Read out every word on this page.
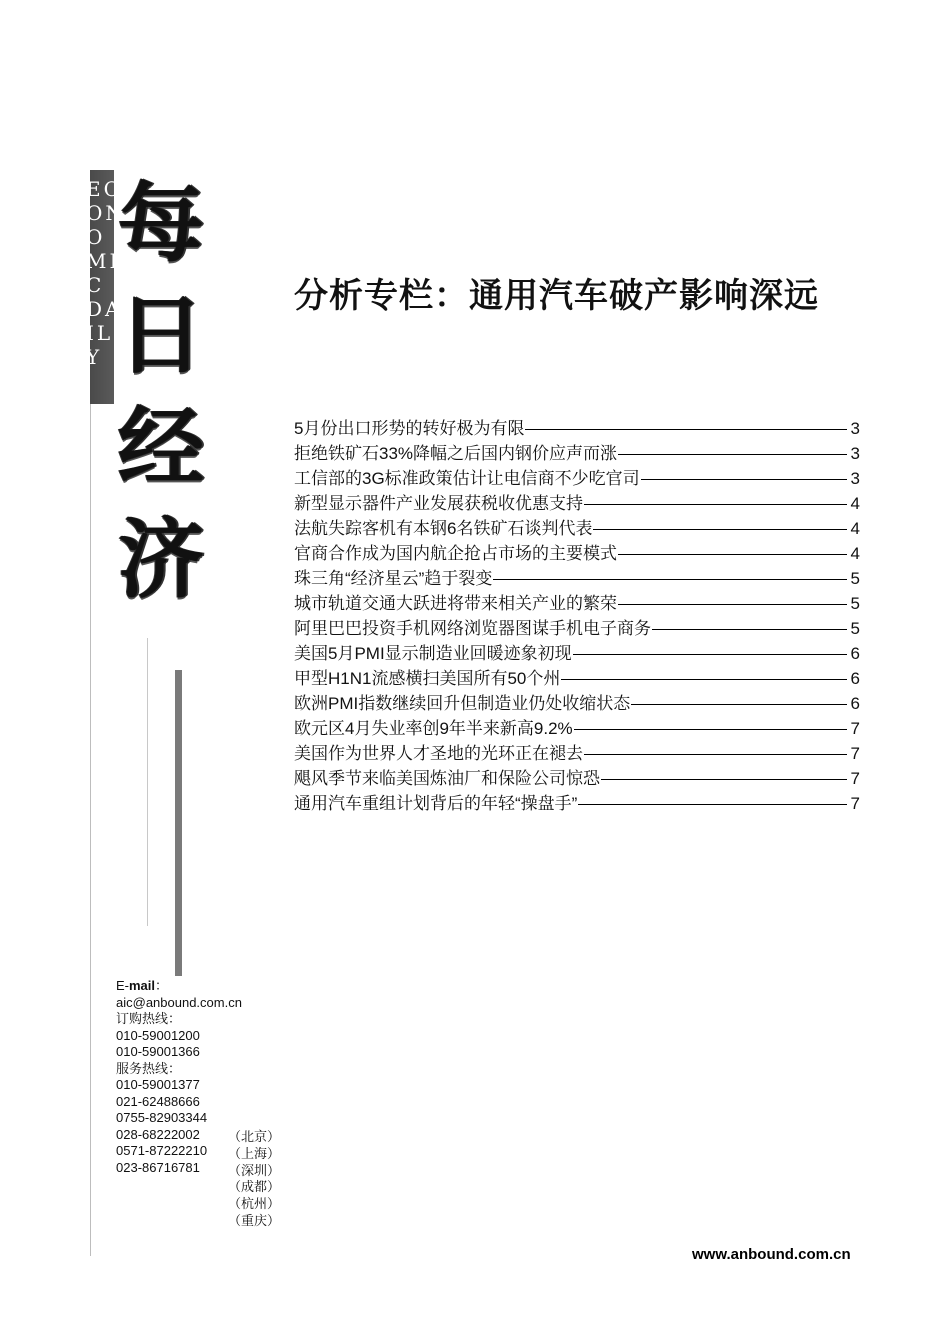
EC
ON
O
MI
C
DA
IL
Y
每
日
经
济
分析专栏：通用汽车破产影响深远
5月份出口形势的转好极为有限	3
拒绝铁矿石33%降幅之后国内钢价应声而涨	3
工信部的3G标准政策估计让电信商不少吃官司	3
新型显示器件产业发展获税收优惠支持	4
法航失踪客机有本钢6名铁矿石谈判代表	4
官商合作成为国内航企抢占市场的主要模式	4
珠三角“经济星云”趋于裂变	5
城市轨道交通大跃进将带来相关产业的繁荣	5
阿里巴巴投资手机网络浏览器图谋手机电子商务	5
美国5月PMI显示制造业回暖迹象初现	6
甲型H1N1流感横扫美国所有50个州	6
欧洲PMI指数继续回升但制造业仍处收缩状态	6
欧元区4月失业率创9年半来新高9.2%	7
美国作为世界人才圣地的光环正在褪去	7
飓风季节来临美国炼油厂和保险公司惊恐	7
通用汽车重组计划背后的年轻“操盘手”	7
E-mail：
aic@anbound.com.cn
订购热线：
010-59001200
010-59001366
服务热线：
010-59001377
021-62488666
0755-82903344
028-68222002
0571-87222210
023-86716781
（北京）
（上海）
（深圳）
（成都）
（杭州）
（重庆）
www.anbound.com.cn
